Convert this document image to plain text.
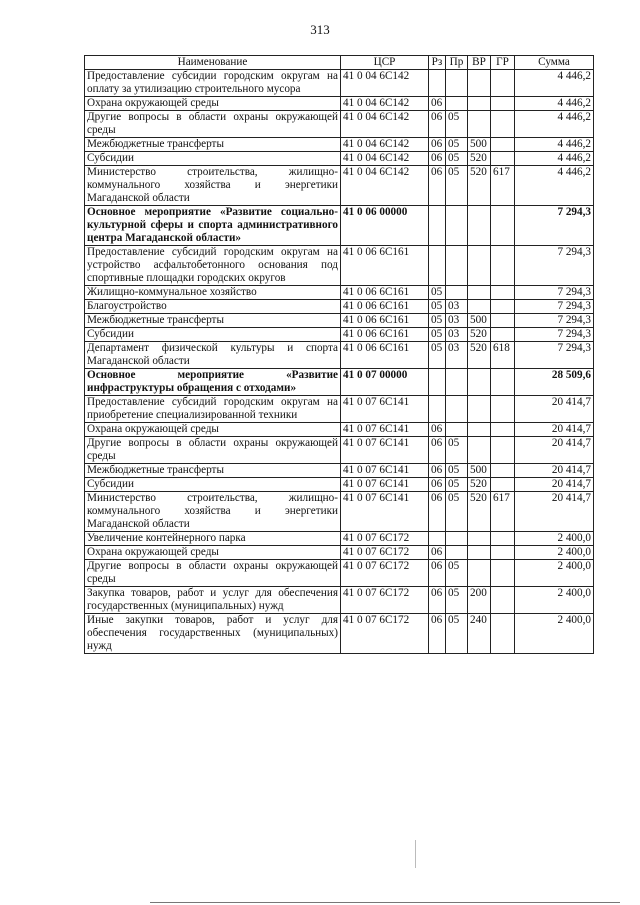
313
Наименование	ЦСР	Рз	Пр	ВР	ГР	Сумма
Предоставление субсидии городским округам на оплату за утилизацию строительного мусора	41 0 04 6С142					4 446,2
Охрана окружающей среды	41 0 04 6С142	06				4 446,2
Другие вопросы в области охраны окружающей среды	41 0 04 6С142	06	05			4 446,2
Межбюджетные трансферты	41 0 04 6С142	06	05	500		4 446,2
Субсидии	41 0 04 6С142	06	05	520		4 446,2
Министерство строительства, жилищно-коммунального хозяйства и энергетики Магаданской области	41 0 04 6С142	06	05	520	617	4 446,2
Основное мероприятие «Развитие социально-культурной сферы и спорта административного центра Магаданской области»	41 0 06 00000					7 294,3
Предоставление субсидий городским округам на устройство асфальтобетонного основания под спортивные площадки городских округов	41 0 06 6С161					7 294,3
Жилищно-коммунальное хозяйство	41 0 06 6С161	05				7 294,3
Благоустройство	41 0 06 6С161	05	03			7 294,3
Межбюджетные трансферты	41 0 06 6С161	05	03	500		7 294,3
Субсидии	41 0 06 6С161	05	03	520		7 294,3
Департамент физической культуры и спорта Магаданской области	41 0 06 6С161	05	03	520	618	7 294,3
Основное мероприятие «Развитие инфраструктуры обращения с отходами»	41 0 07 00000					28 509,6
Предоставление субсидий городским округам на приобретение специализированной техники	41 0 07 6С141					20 414,7
Охрана окружающей среды	41 0 07 6С141	06				20 414,7
Другие вопросы в области охраны окружающей среды	41 0 07 6С141	06	05			20 414,7
Межбюджетные трансферты	41 0 07 6С141	06	05	500		20 414,7
Субсидии	41 0 07 6С141	06	05	520		20 414,7
Министерство строительства, жилищно-коммунального хозяйства и энергетики Магаданской области	41 0 07 6С141	06	05	520	617	20 414,7
Увеличение контейнерного парка	41 0 07 6С172					2 400,0
Охрана окружающей среды	41 0 07 6С172	06				2 400,0
Другие вопросы в области охраны окружающей среды	41 0 07 6С172	06	05			2 400,0
Закупка товаров, работ и услуг для обеспечения государственных (муниципальных) нужд	41 0 07 6С172	06	05	200		2 400,0
Иные закупки товаров, работ и услуг для обеспечения государственных (муниципальных) нужд	41 0 07 6С172	06	05	240		2 400,0
